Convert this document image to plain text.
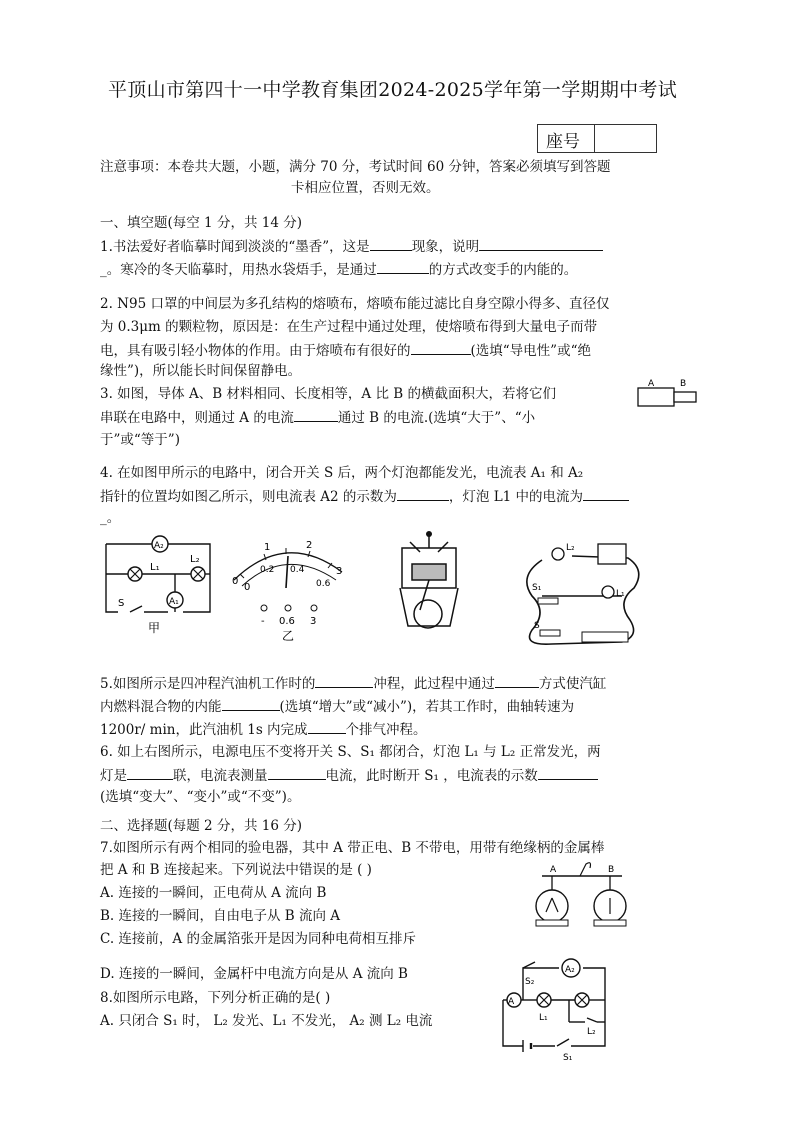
平顶山市第四十一中学教育集团2024-2025学年第一学期期中考试
座号
注意事项：本卷共大题，小题，满分 70 分，考试时间 60 分钟，答案必须填写到答题
卡相应位置，否则无效。
一、填空题(每空 1 分，共 14 分)
1.书法爱好者临摹时闻到淡淡的“墨香”，这是	现象，说明
_。寒冷的冬天临摹时，用热水袋焐手，是通过	的方式改变手的内能的。
2. N95 口罩的中间层为多孔结构的熔喷布，熔喷布能过滤比自身空隙小得多、直径仅
为 0.3μm 的颗粒物，原因是：在生产过程中通过处理，使熔喷布得到大量电子而带
电，具有吸引轻小物体的作用。由于熔喷布有很好的	(选填“导电性”或“绝
缘性”)，所以能长时间保留静电。
3. 如图，导体 A、B 材料相同、长度相等，A 比 B 的横截面积大，若将它们
串联在电路中，则通过 A 的电流	通过 B 的电流.(选填“大于”、“小
于”或“等于”)
A	B
4. 在如图甲所示的电路中，闭合开关 S 后，两个灯泡都能发光，电流表 A₁ 和 A₂
指针的位置均如图乙所示，则电流表 A2 的示数为	，灯泡 L1 中的电流为
_。
A₂
L₁
L₂
A₁
S
甲
0
1	2
3
0
0.2 0.4
0.6
- 0.6 3
乙
L₂
L₁
S₁
S
5.如图所示是四冲程汽油机工作时的	冲程，此过程中通过	方式使汽缸
内燃料混合物的内能	(选填“增大”或“减小”)，若其工作时，曲轴转速为
1200r/ min，此汽油机 1s 内完成	个排气冲程。
6. 如上右图所示，电源电压不变将开关 S、S₁ 都闭合，灯泡 L₁ 与 L₂ 正常发光，两
灯是	联，电流表测量	电流，此时断开 S₁ ，电流表的示数
(选填“变大”、“变小”或“不变”)。
二、选择题(每题 2 分，共 16 分)
7.如图所示有两个相同的验电器，其中 A 带正电、B 不带电，用带有绝缘柄的金属棒
把 A 和 B 连接起来。下列说法中错误的是 ( )
A. 连接的一瞬间，正电荷从 A 流向 B
B. 连接的一瞬间，自由电子从 B 流向 A
C. 连接前，A 的金属箔张开是因为同种电荷相互排斥
D. 连接的一瞬间，金属杆中电流方向是从 A 流向 B
A	B
8.如图所示电路，下列分析正确的是( )
A. 只闭合 S₁ 时， L₂ 发光、L₁ 不发光， A₂ 测 L₂ 电流
A₂
A
L₁
L₂
S₂
S₁
